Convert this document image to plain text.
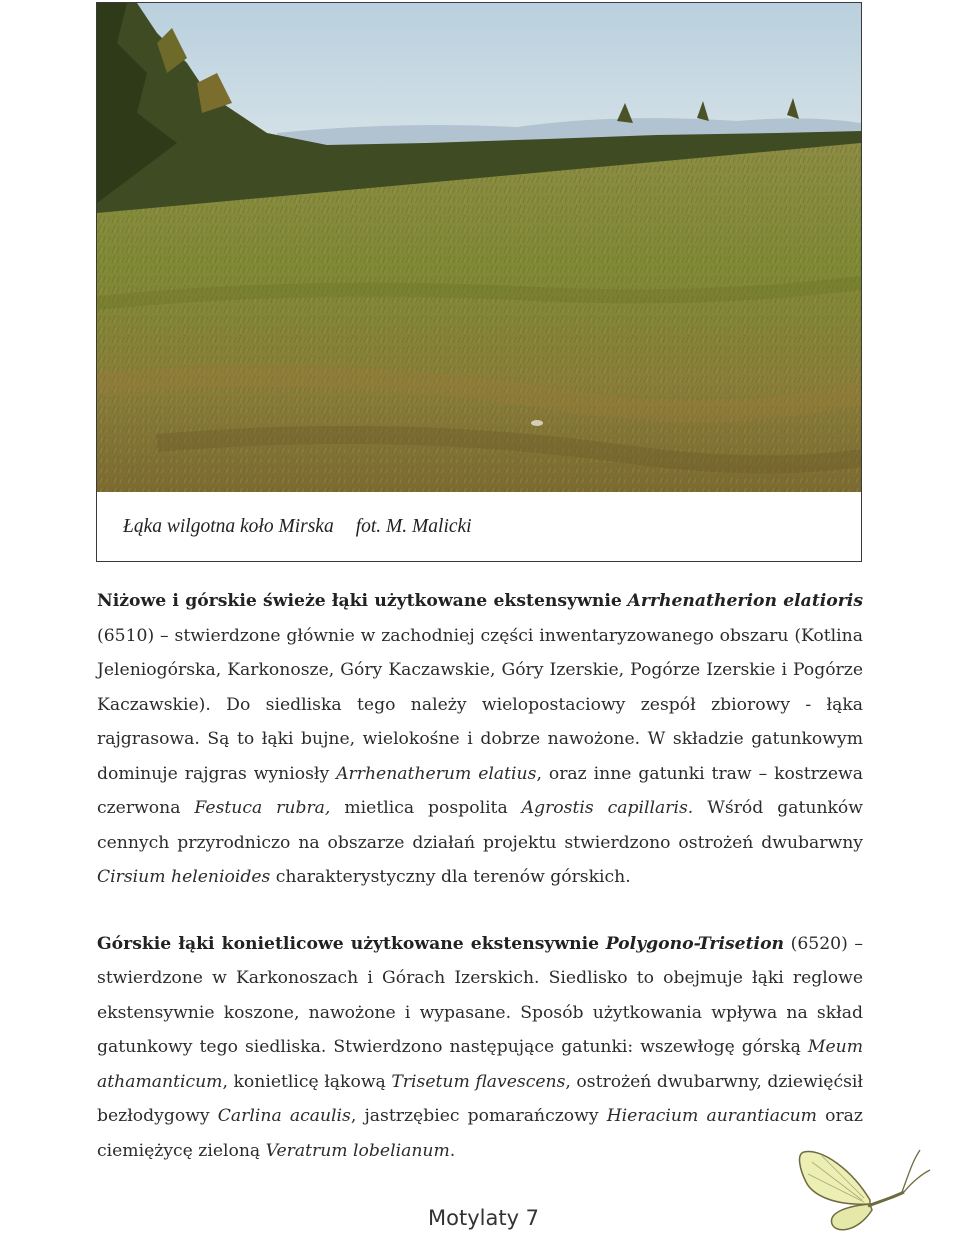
Łąka wilgotna koło Mirska fot. M. Malicki

Niżowe i górskie świeże łąki użytkowane ekstensywnie Arrhenatherion elatioris (6510) – stwierdzone głównie w zachodniej części inwentaryzowanego obszaru (Kotlina Jeleniogórska, Karkonosze, Góry Kaczawskie, Góry Izerskie, Pogórze Izerskie i Pogórze Kaczawskie). Do siedliska tego należy wielopostaciowy zespół zbiorowy - łąka rajgrasowa. Są to łąki bujne, wielokośne i dobrze nawożone. W składzie gatunkowym dominuje rajgras wyniosły Arrhenatherum elatius, oraz inne gatunki traw – kostrzewa czerwona Festuca rubra, mietlica pospolita Agrostis capillaris. Wśród gatunków cennych przyrodniczo na obszarze działań projektu stwierdzono ostrożeń dwubarwny Cirsium helenioides charakterystyczny dla terenów górskich.

Górskie łąki konietlicowe użytkowane ekstensywnie Polygono-Trisetion (6520) – stwierdzone w Karkonoszach i Górach Izerskich. Siedlisko to obejmuje łąki reglowe ekstensywnie koszone, nawożone i wypasane. Sposób użytkowania wpływa na skład gatunkowy tego siedliska. Stwierdzono następujące gatunki: wszewłogę górską Meum athamanticum, konietlicę łąkową Trisetum flavescens, ostrożeń dwubarwny, dziewięćsił bezłodygowy Carlina acaulis, jastrzębiec pomarańczowy Hieracium aurantiacum oraz ciemiężycę zieloną Veratrum lobelianum.

Motylaty 7
